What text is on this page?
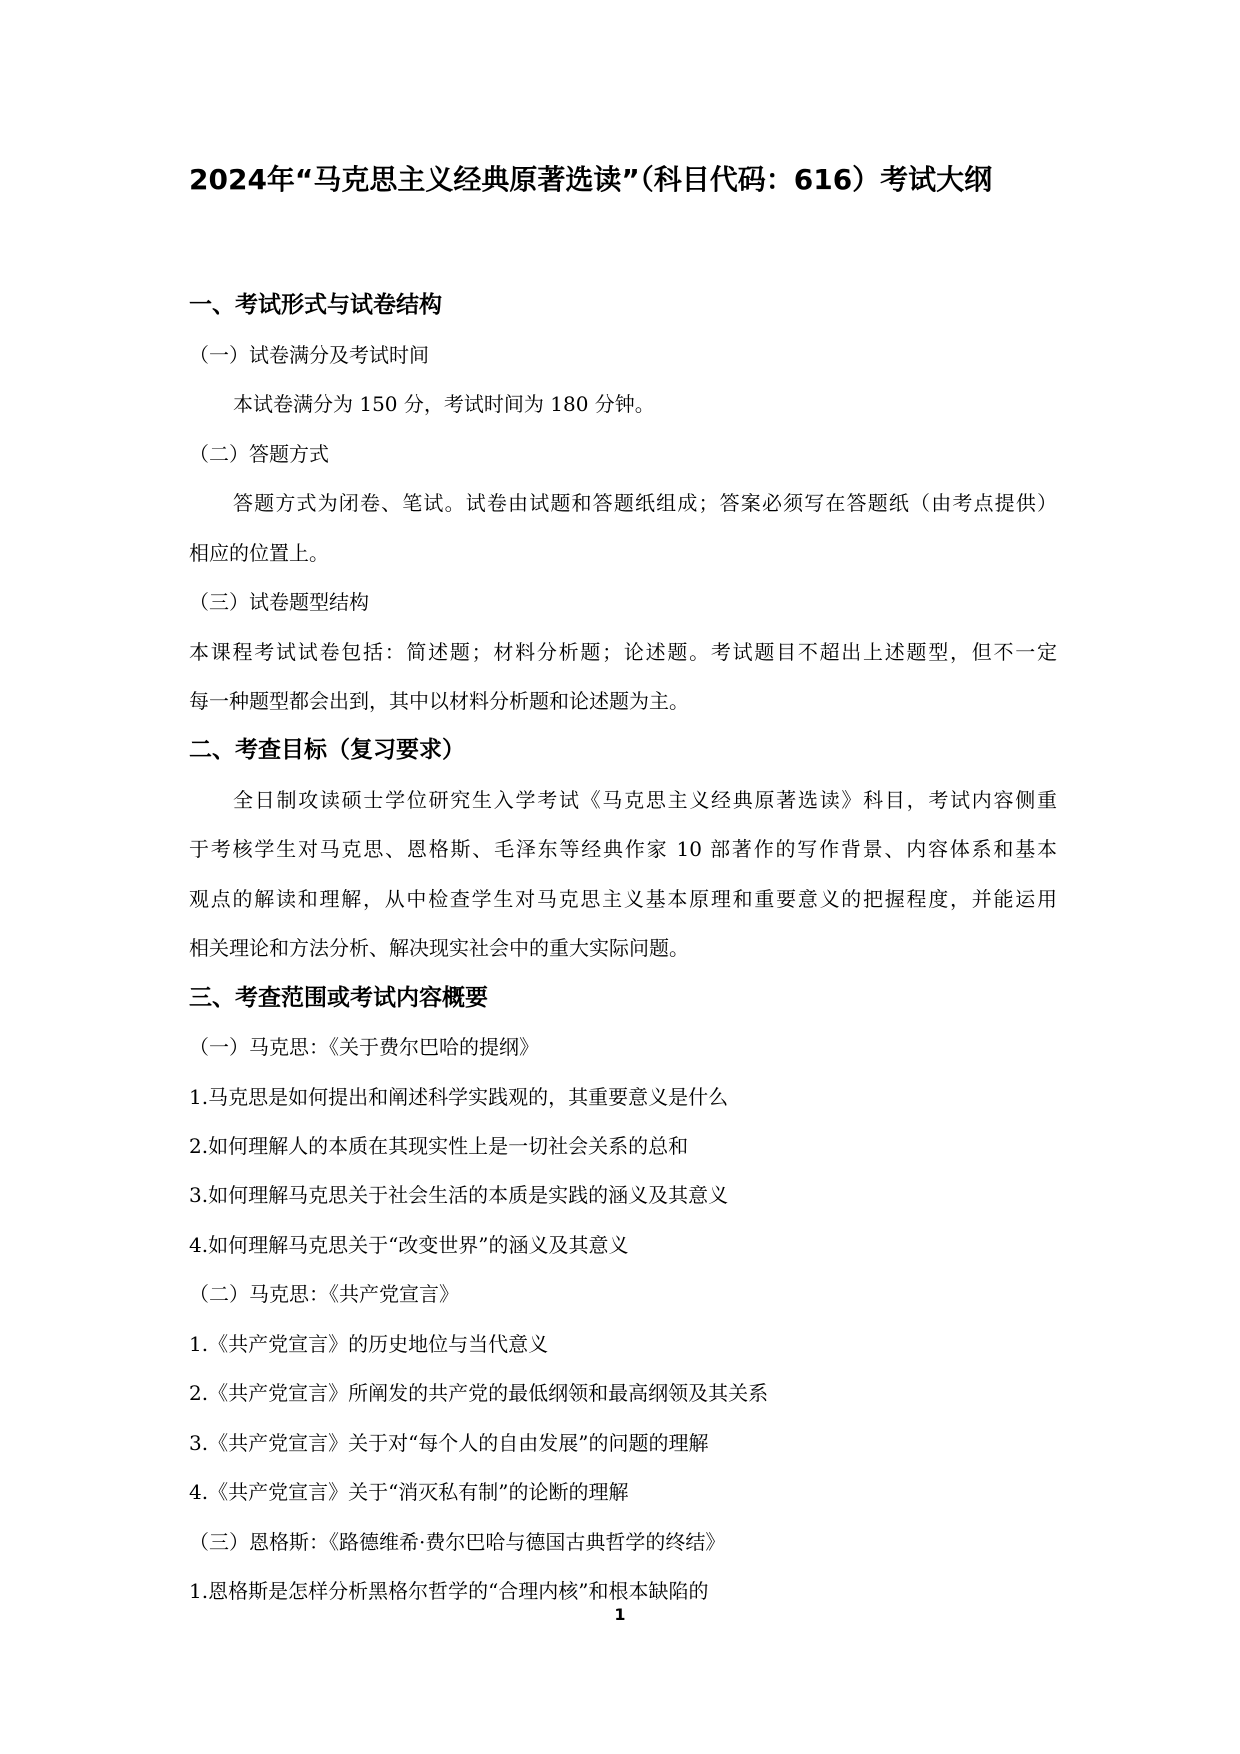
2024年“马克思主义经典原著选读”（科目代码：616）考试大纲
一、考试形式与试卷结构
（一）试卷满分及考试时间
本试卷满分为 150 分，考试时间为 180 分钟。
（二）答题方式
答题方式为闭卷、笔试。试卷由试题和答题纸组成；答案必须写在答题纸（由考点提供）
相应的位置上。
（三）试卷题型结构
本课程考试试卷包括：简述题；材料分析题；论述题。考试题目不超出上述题型，但不一定
每一种题型都会出到，其中以材料分析题和论述题为主。
二、考查目标（复习要求）
全日制攻读硕士学位研究生入学考试《马克思主义经典原著选读》科目，考试内容侧重
于考核学生对马克思、恩格斯、毛泽东等经典作家 10 部著作的写作背景、内容体系和基本
观点的解读和理解，从中检查学生对马克思主义基本原理和重要意义的把握程度，并能运用
相关理论和方法分析、解决现实社会中的重大实际问题。
三、考查范围或考试内容概要
（一）马克思：《关于费尔巴哈的提纲》
1.马克思是如何提出和阐述科学实践观的，其重要意义是什么
2.如何理解人的本质在其现实性上是一切社会关系的总和
3.如何理解马克思关于社会生活的本质是实践的涵义及其意义
4.如何理解马克思关于“改变世界”的涵义及其意义
（二）马克思：《共产党宣言》
1.《共产党宣言》的历史地位与当代意义
2.《共产党宣言》所阐发的共产党的最低纲领和最高纲领及其关系
3.《共产党宣言》关于对“每个人的自由发展”的问题的理解
4.《共产党宣言》关于“消灭私有制”的论断的理解
（三）恩格斯：《路德维希·费尔巴哈与德国古典哲学的终结》
1.恩格斯是怎样分析黑格尔哲学的“合理内核”和根本缺陷的
1
